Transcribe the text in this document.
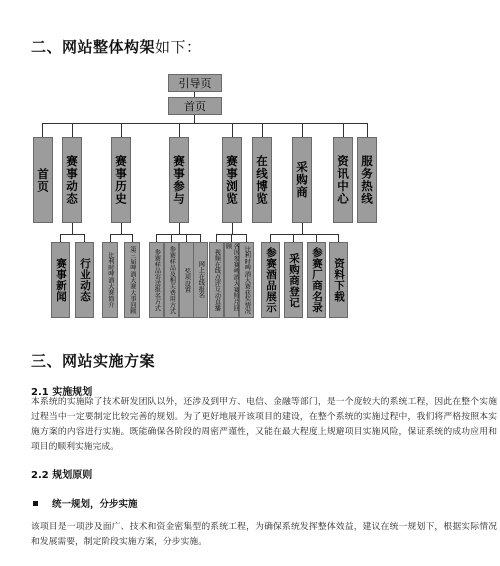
二、网站整体构架如下：
引导页
首页
首页 赛事动态	赛事历史	赛事参与	赛事浏览 在线博览 采购商 资讯中心 服务热线
赛事新闻 行业动态	比利时啤酒大赛简介 第三届啤酒大赛大事回顾	参赛样品寄送报名方式 参赛样品及相关费用方式 奖项设置 网上在线报名 视频在线点评互动直播	各国参赛啤酒大赛照片回顾	比利时啤酒大赛获奖情况 参赛酒品展示 采购商登记 参赛厂商名录 资料下载
三、网站实施方案
2.1 实施规划
本系统的实施除了技术研发团队以外，还涉及到甲方、电信、金融等部门，是一个庞较大的系统工程，因此在整个实施过程当中一定要制定比较完善的规划。为了更好地展开该项目的建设，在整个系统的实施过程中，我们将严格按照本实施方案的内容进行实施。既能确保各阶段的周密严谨性，又能在最大程度上规避项目实施风险，保证系统的成功应用和项目的顺利实施完成。
2.2 规划原则
统一规划，分步实施
该项目是一项涉及面广、技术和资金密集型的系统工程，为确保系统发挥整体效益，建议在统一规划下，根据实际情况和发展需要，制定阶段实施方案，分步实施。
